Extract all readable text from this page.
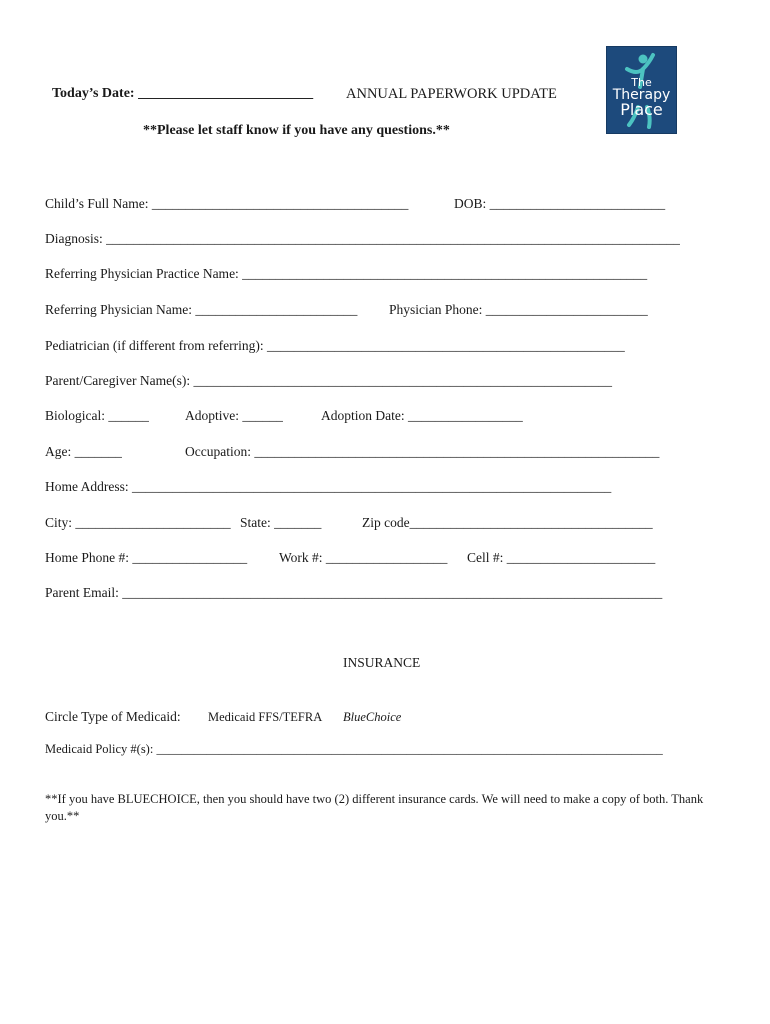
The
Therapy
Place
Today’s Date: _________________________ ANNUAL PAPERWORK UPDATE
**Please let staff know if you have any questions.**
Child’s Full Name: ______________________________________	DOB: __________________________
Diagnosis: _____________________________________________________________________________________
Referring Physician Practice Name: ____________________________________________________________
Referring Physician Name: ________________________ Physician Phone: ________________________
Pediatrician (if different from referring): _____________________________________________________
Parent/Caregiver Name(s): ______________________________________________________________
Biological: ______	Adoptive: ______	Adoption Date: _________________
Age: _______	Occupation: ____________________________________________________________
Home Address: _______________________________________________________________________
City: _______________________ State: _______	Zip code____________________________________
Home Phone #: _________________ Work #: __________________ Cell #: ______________________
Parent Email: ________________________________________________________________________________
INSURANCE
Circle Type of Medicaid: Medicaid FFS/TEFRA BlueChoice
Medicaid Policy #(s): _________________________________________________________________________________
**If you have BLUECHOICE, then you should have two (2) different insurance cards. We will need to make a copy of both. Thank you.**
